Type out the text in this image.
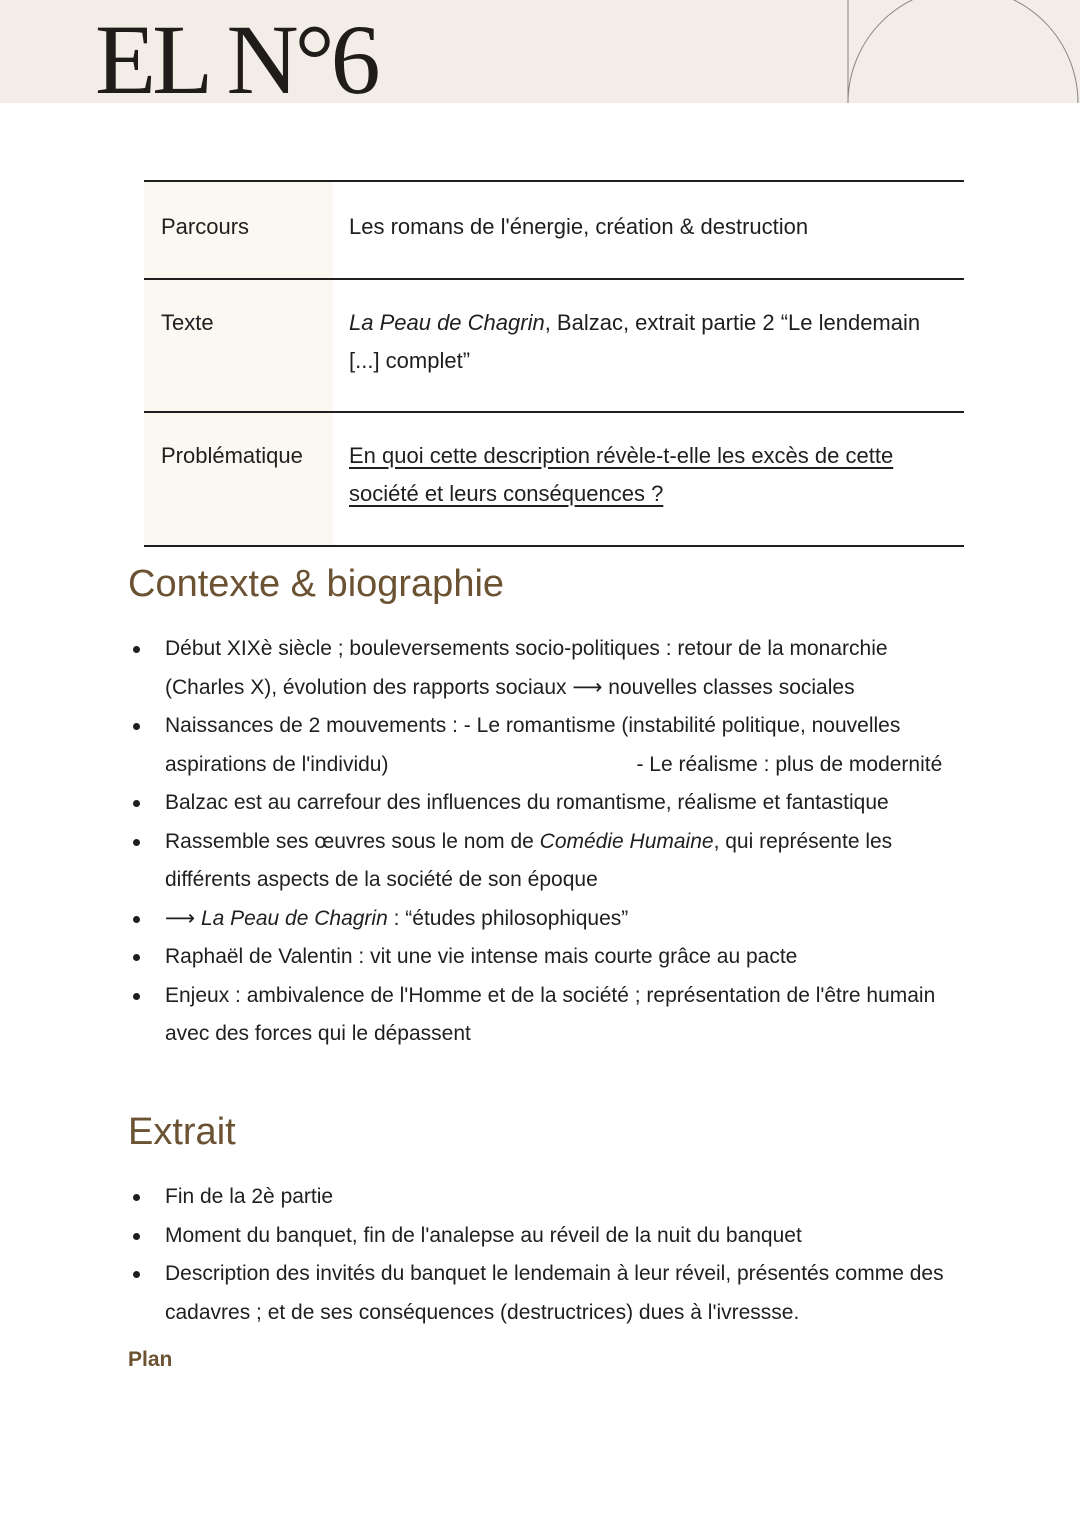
EL N°6
Parcours	Les romans de l'énergie, création & destruction
Texte	La Peau de Chagrin, Balzac, extrait partie 2 “Le lendemain [...] complet”
Problématique	En quoi cette description révèle-t-elle les excès de cette société et leurs conséquences ?
Contexte & biographie
Début XIXè siècle ; bouleversements socio-politiques : retour de la monarchie (Charles X), évolution des rapports sociaux ⟶ nouvelles classes sociales
Naissances de 2 mouvements : - Le romantisme (instabilité politique, nouvelles aspirations de l'individu)	- Le réalisme : plus de modernité
Balzac est au carrefour des influences du romantisme, réalisme et fantastique
Rassemble ses œuvres sous le nom de Comédie Humaine, qui représente les différents aspects de la société de son époque
⟶ La Peau de Chagrin : “études philosophiques”
Raphaël de Valentin : vit une vie intense mais courte grâce au pacte
Enjeux : ambivalence de l'Homme et de la société ; représentation de l'être humain avec des forces qui le dépassent
Extrait
Fin de la 2è partie
Moment du banquet, fin de l'analepse au réveil de la nuit du banquet
Description des invités du banquet le lendemain à leur réveil, présentés comme des cadavres ; et de ses conséquences (destructrices) dues à l'ivressse.

Plan
